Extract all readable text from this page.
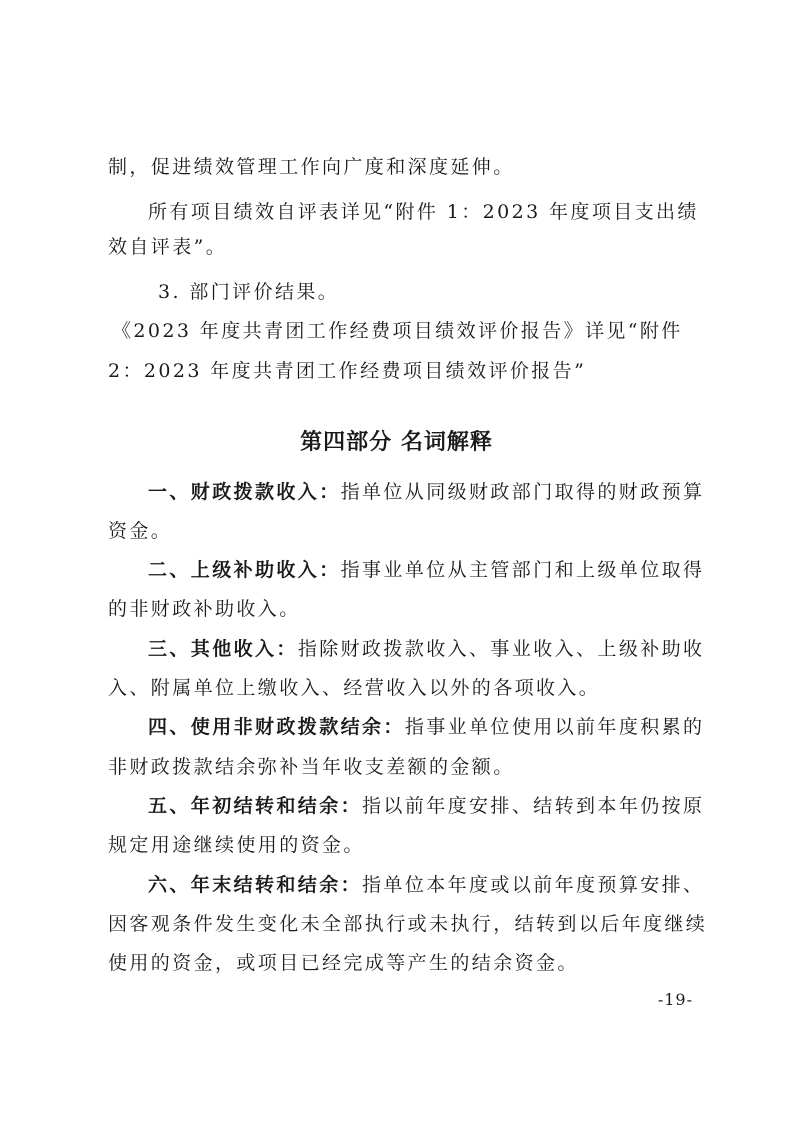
制，促进绩效管理工作向广度和深度延伸。
所有项目绩效自评表详见“附件 1：2023 年度项目支出绩
效自评表”。
3. 部门评价结果。
《2023 年度共青团工作经费项目绩效评价报告》详见“附件
2：2023 年度共青团工作经费项目绩效评价报告”
第四部分 名词解释
一、财政拨款收入：指单位从同级财政部门取得的财政预算
资金。
二、上级补助收入：指事业单位从主管部门和上级单位取得
的非财政补助收入。
三、其他收入：指除财政拨款收入、事业收入、上级补助收
入、附属单位上缴收入、经营收入以外的各项收入。
四、使用非财政拨款结余：指事业单位使用以前年度积累的
非财政拨款结余弥补当年收支差额的金额。
五、年初结转和结余：指以前年度安排、结转到本年仍按原
规定用途继续使用的资金。
六、年末结转和结余：指单位本年度或以前年度预算安排、
因客观条件发生变化未全部执行或未执行，结转到以后年度继续
使用的资金，或项目已经完成等产生的结余资金。
-19-
